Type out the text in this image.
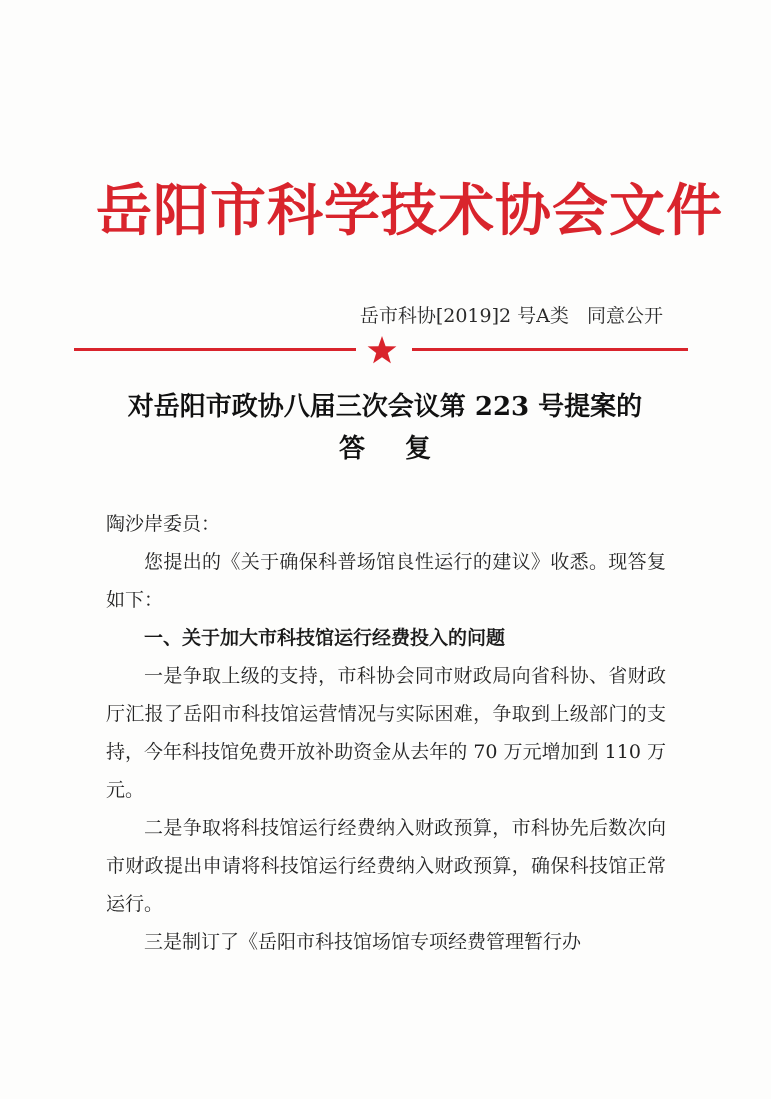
岳阳市科学技术协会文件
岳市科协[2019]2 号A类   同意公开
对岳阳市政协八届三次会议第 223 号提案的
答复

陶沙岸委员：

您提出的《关于确保科普场馆良性运行的建议》收悉。现答复如下：

一、关于加大市科技馆运行经费投入的问题

一是争取上级的支持，市科协会同市财政局向省科协、省财政厅汇报了岳阳市科技馆运营情况与实际困难，争取到上级部门的支持，今年科技馆免费开放补助资金从去年的 70 万元增加到 110 万元。

二是争取将科技馆运行经费纳入财政预算，市科协先后数次向市财政提出申请将科技馆运行经费纳入财政预算，确保科技馆正常运行。

三是制订了《岳阳市科技馆场馆专项经费管理暂行办
